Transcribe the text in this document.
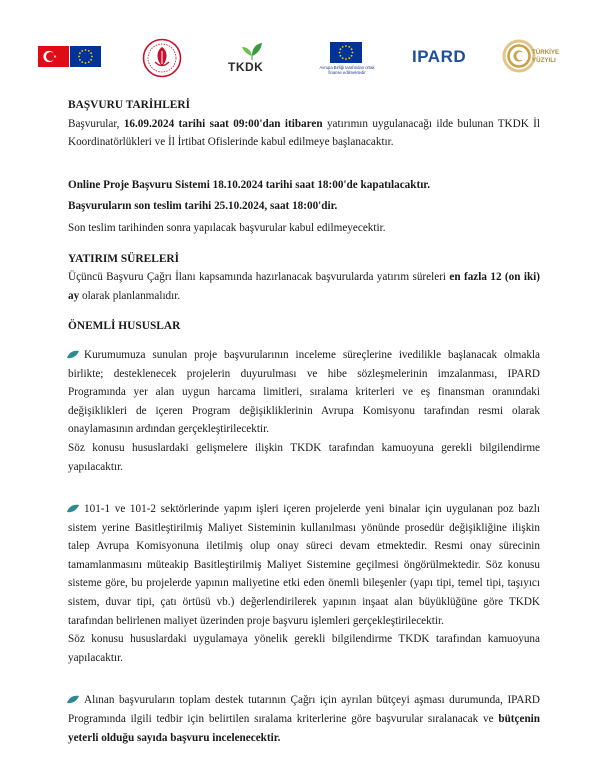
TKDK	Avrupa Birliği tarafından ortak finanse edilmektedir
IPARD	TÜRKİYE
YÜZYILI
BAŞVURU TARİHLERİ

Başvurular, 16.09.2024 tarihi saat 09:00'dan itibaren yatırımın uygulanacağı ilde bulunan TKDK İl Koordinatörlükleri ve İl İrtibat Ofislerinde kabul edilmeye başlanacaktır.

Online Proje Başvuru Sistemi 18.10.2024 tarihi saat 18:00'de kapatılacaktır.

Başvuruların son teslim tarihi 25.10.2024, saat 18:00'dir.

Son teslim tarihinden sonra yapılacak başvurular kabul edilmeyecektir.

YATIRIM SÜRELERİ

Üçüncü Başvuru Çağrı İlanı kapsamında hazırlanacak başvurularda yatırım süreleri en fazla 12 (on iki) ay olarak planlanmalıdır.

ÖNEMLİ HUSUSLAR

Kurumumuza sunulan proje başvurularının inceleme süreçlerine ivedilikle başlanacak olmakla birlikte; desteklenecek projelerin duyurulması ve hibe sözleşmelerinin imzalanması, IPARD Programında yer alan uygun harcama limitleri, sıralama kriterleri ve eş finansman oranındaki değişiklikleri de içeren Program değişikliklerinin Avrupa Komisyonu tarafından resmi olarak onaylamasının ardından gerçekleştirilecektir.

Söz konusu hususlardaki gelişmelere ilişkin TKDK tarafından kamuoyuna gerekli bilgilendirme yapılacaktır.

101-1 ve 101-2 sektörlerinde yapım işleri içeren projelerde yeni binalar için uygulanan poz bazlı sistem yerine Basitleştirilmiş Maliyet Sisteminin kullanılması yönünde prosedür değişikliğine ilişkin talep Avrupa Komisyonuna iletilmiş olup onay süreci devam etmektedir. Resmi onay sürecinin tamamlanmasını müteakip Basitleştirilmiş Maliyet Sistemine geçilmesi öngörülmektedir. Söz konusu sisteme göre, bu projelerde yapının maliyetine etki eden önemli bileşenler (yapı tipi, temel tipi, taşıyıcı sistem, duvar tipi, çatı örtüsü vb.) değerlendirilerek yapının inşaat alan büyüklüğüne göre TKDK tarafından belirlenen maliyet üzerinden proje başvuru işlemleri gerçekleştirilecektir.

Söz konusu hususlardaki uygulamaya yönelik gerekli bilgilendirme TKDK tarafından kamuoyuna yapılacaktır.

Alınan başvuruların toplam destek tutarının Çağrı için ayrılan bütçeyi aşması durumunda, IPARD Programında ilgili tedbir için belirtilen sıralama kriterlerine göre başvurular sıralanacak ve bütçenin yeterli olduğu sayıda başvuru incelenecektir.
